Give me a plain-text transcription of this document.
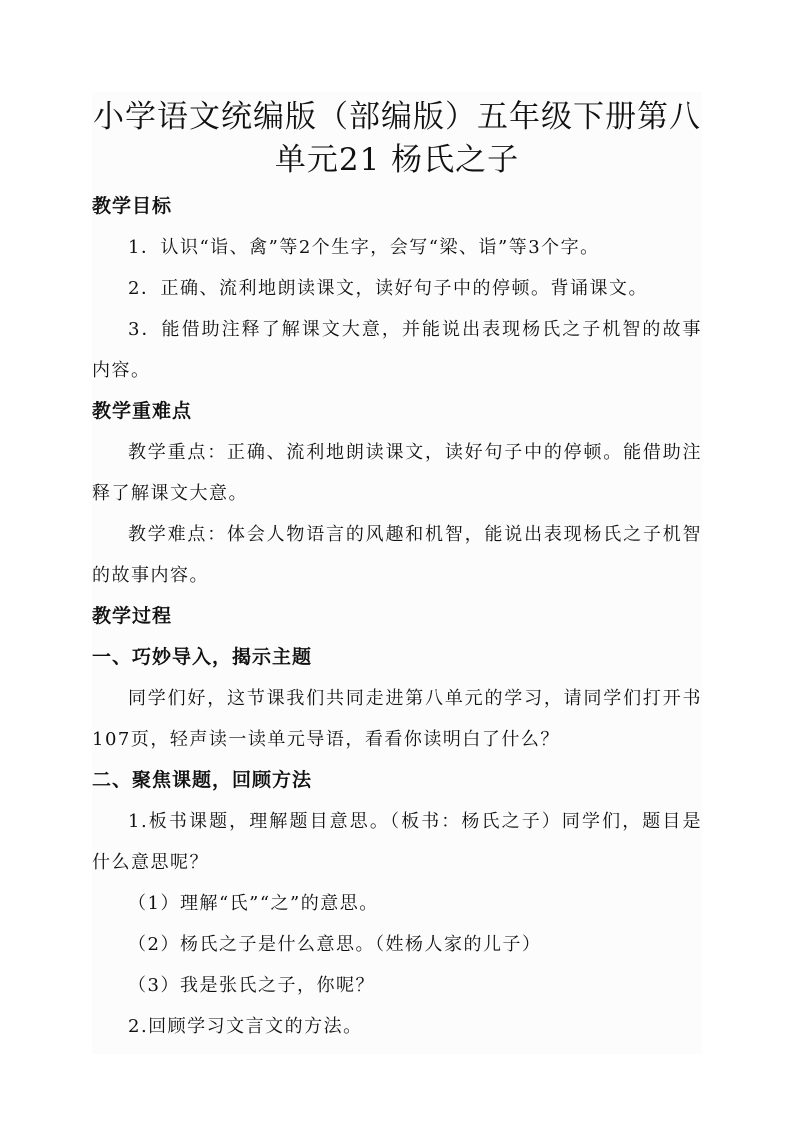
小学语文统编版（部编版）五年级下册第八单元21 杨氏之子
教学目标

1．认识“诣、禽”等2个生字，会写“梁、诣”等3个字。

2．正确、流利地朗读课文，读好句子中的停顿。背诵课文。

3．能借助注释了解课文大意，并能说出表现杨氏之子机智的故事内容。

教学重难点

教学重点：正确、流利地朗读课文，读好句子中的停顿。能借助注释了解课文大意。

教学难点：体会人物语言的风趣和机智，能说出表现杨氏之子机智的故事内容。

教学过程
一、巧妙导入，揭示主题

同学们好，这节课我们共同走进第八单元的学习，请同学们打开书107页，轻声读一读单元导语，看看你读明白了什么？

二、聚焦课题，回顾方法

1.板书课题，理解题目意思。（板书：杨氏之子）同学们，题目是什么意思呢？

（1）理解“氏”“之”的意思。

（2）杨氏之子是什么意思。（姓杨人家的儿子）

（3）我是张氏之子，你呢？

2.回顾学习文言文的方法。
